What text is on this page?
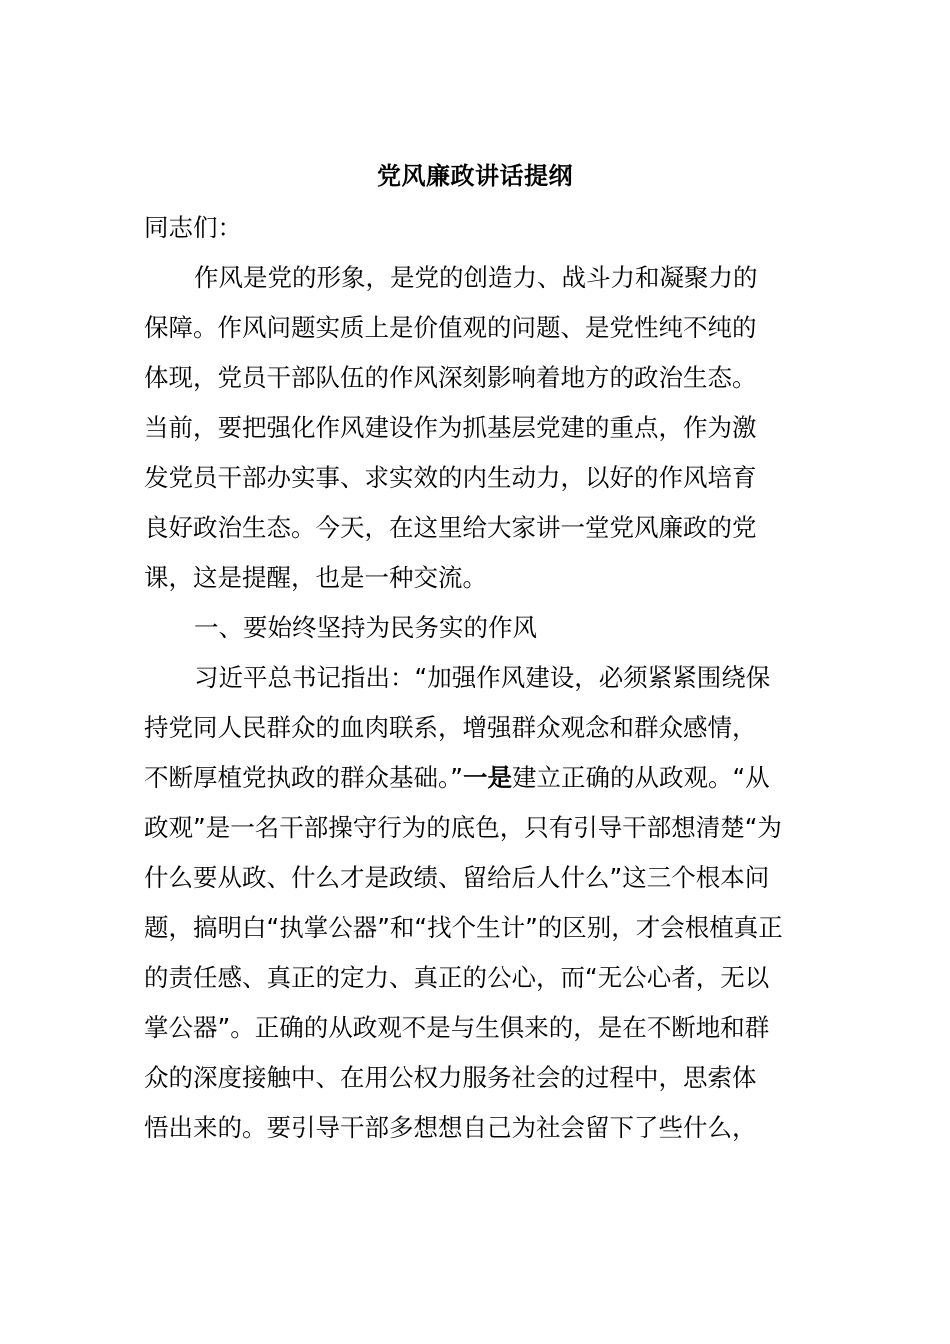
党风廉政讲话提纲
同志们：
作风是党的形象，是党的创造力、战斗力和凝聚力的
保障。作风问题实质上是价值观的问题、是党性纯不纯的
体现，党员干部队伍的作风深刻影响着地方的政治生态。
当前，要把强化作风建设作为抓基层党建的重点，作为激
发党员干部办实事、求实效的内生动力，以好的作风培育
良好政治生态。今天，在这里给大家讲一堂党风廉政的党
课，这是提醒，也是一种交流。
一、要始终坚持为民务实的作风
习近平总书记指出：“加强作风建设，必须紧紧围绕保
持党同人民群众的血肉联系，增强群众观念和群众感情，
不断厚植党执政的群众基础。”一是建立正确的从政观。“从
政观”是一名干部操守行为的底色，只有引导干部想清楚“为
什么要从政、什么才是政绩、留给后人什么”这三个根本问
题，搞明白“执掌公器”和“找个生计”的区别，才会根植真正
的责任感、真正的定力、真正的公心，而“无公心者，无以
掌公器”。正确的从政观不是与生俱来的，是在不断地和群
众的深度接触中、在用公权力服务社会的过程中，思索体
悟出来的。要引导干部多想想自己为社会留下了些什么，
